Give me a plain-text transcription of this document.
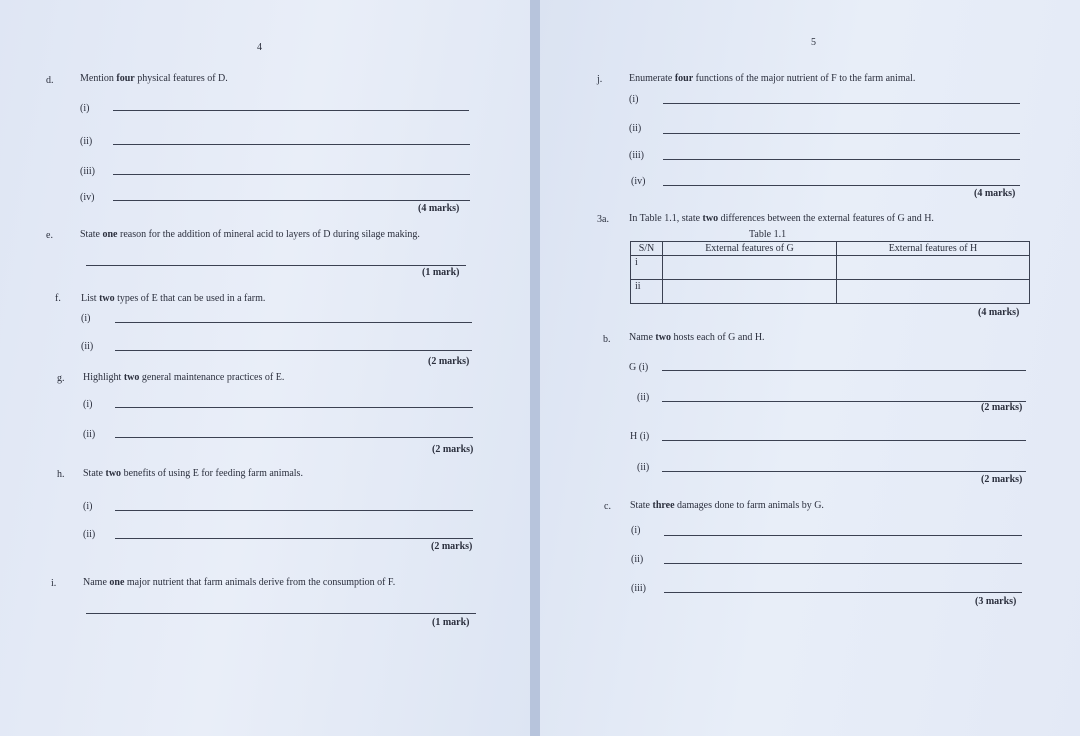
4
d.	Mention four physical features of D.
(i)
(ii)
(iii)
(iv)
(4 marks)
e.	State one reason for the addition of mineral acid to layers of D during silage making.
(1 mark)
f. List two types of E that can be used in a farm.
(i)
(ii)
(2 marks)
g. Highlight two general maintenance practices of E.
(i)
(ii)
(2 marks)
h. State two benefits of using E for feeding farm animals.
(i)
(ii)
(2 marks)
i.	Name one major nutrient that farm animals derive from the consumption of F.
(1 mark)
5
j.	Enumerate four functions of the major nutrient of F to the farm animal.
(i)
(ii)
(iii)
(iv)
(4 marks)
3a. In Table 1.1, state two differences between the external features of G and H.
Table 1.1
S/N	External features of G	External features of H
i		
ii		
(4 marks)
b. Name two hosts each of G and H.
G (i)
(ii)
(2 marks)
H (i)
(ii)
(2 marks)
c. State three damages done to farm animals by G.
(i)
(ii)
(iii)
(3 marks)
